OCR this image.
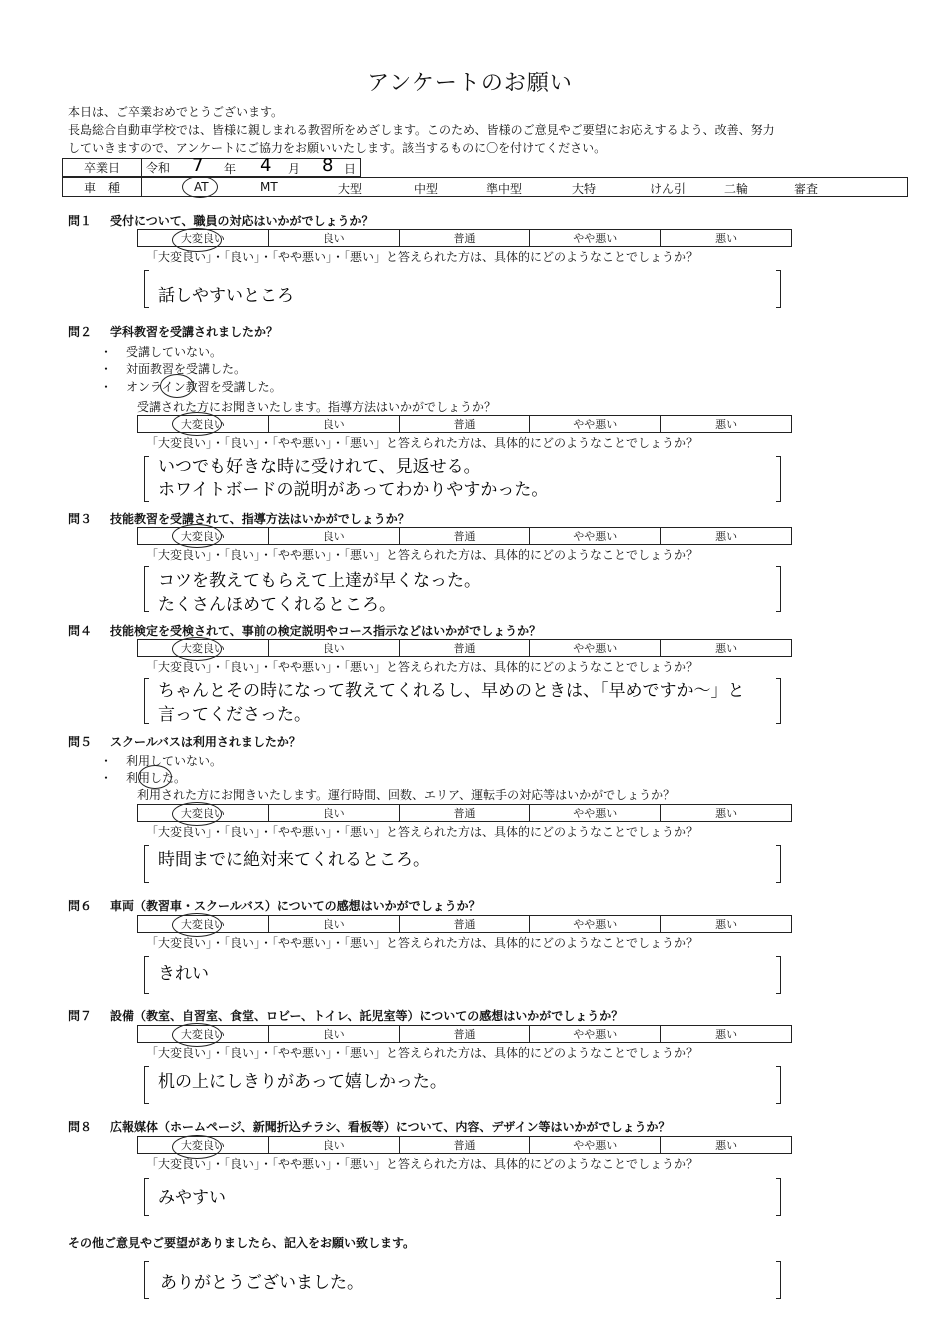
アンケートのお願い
本日は、ご卒業おめでとうございます。
長島総合自動車学校では、皆様に親しまれる教習所をめざします。このため、皆様のご意見やご要望にお応えするよう、改善、努力
していきますので、アンケートにご協力をお願いいたします。該当するものに〇を付けてください。
卒業日	令和 7 年 4 月 8 日
車　種	AT	MT	大型	中型	準中型	大特	けん引	二輪	審査
問１ 受付について、職員の対応はいかがでしょうか？
大変良い	良い	普通	やや悪い	悪い
「大変良い」・「良い」・「やや悪い」・「悪い」と答えられた方は、具体的にどのようなことでしょうか？
話しやすいところ
問２ 学科教習を受講されましたか？
・ 受講していない。
・ 対面教習を受講した。
・ オンライン教習を受講した。
受講された方にお聞きいたします。指導方法はいかがでしょうか？
大変良い	良い	普通	やや悪い	悪い
「大変良い」・「良い」・「やや悪い」・「悪い」と答えられた方は、具体的にどのようなことでしょうか？
いつでも好きな時に受けれて、見返せる。
ホワイトボードの説明があってわかりやすかった。
問３ 技能教習を受講されて、指導方法はいかがでしょうか？
大変良い	良い	普通	やや悪い	悪い
「大変良い」・「良い」・「やや悪い」・「悪い」と答えられた方は、具体的にどのようなことでしょうか？
コツを教えてもらえて上達が早くなった。
たくさんほめてくれるところ。
問４ 技能検定を受検されて、事前の検定説明やコース指示などはいかがでしょうか？
大変良い	良い	普通	やや悪い	悪い
「大変良い」・「良い」・「やや悪い」・「悪い」と答えられた方は、具体的にどのようなことでしょうか？
ちゃんとその時になって教えてくれるし、早めのときは、「早めですか～」と
言ってくださった。
問５ スクールバスは利用されましたか？
・ 利用していない。
・ 利用した。
利用された方にお聞きいたします。運行時間、回数、エリア、運転手の対応等はいかがでしょうか？
大変良い	良い	普通	やや悪い	悪い
「大変良い」・「良い」・「やや悪い」・「悪い」と答えられた方は、具体的にどのようなことでしょうか？
時間までに絶対来てくれるところ。
問６ 車両（教習車・スクールバス）についての感想はいかがでしょうか？
大変良い	良い	普通	やや悪い	悪い
「大変良い」・「良い」・「やや悪い」・「悪い」と答えられた方は、具体的にどのようなことでしょうか？
きれい
問７ 設備（教室、自習室、食堂、ロビー、トイレ、託児室等）についての感想はいかがでしょうか？
大変良い	良い	普通	やや悪い	悪い
「大変良い」・「良い」・「やや悪い」・「悪い」と答えられた方は、具体的にどのようなことでしょうか？
机の上にしきりがあって嬉しかった。
問８ 広報媒体（ホームページ、新聞折込チラシ、看板等）について、内容、デザイン等はいかがでしょうか？
大変良い	良い	普通	やや悪い	悪い
「大変良い」・「良い」・「やや悪い」・「悪い」と答えられた方は、具体的にどのようなことでしょうか？
みやすい
その他ご意見やご要望がありましたら、記入をお願い致します。
ありがとうございました。
